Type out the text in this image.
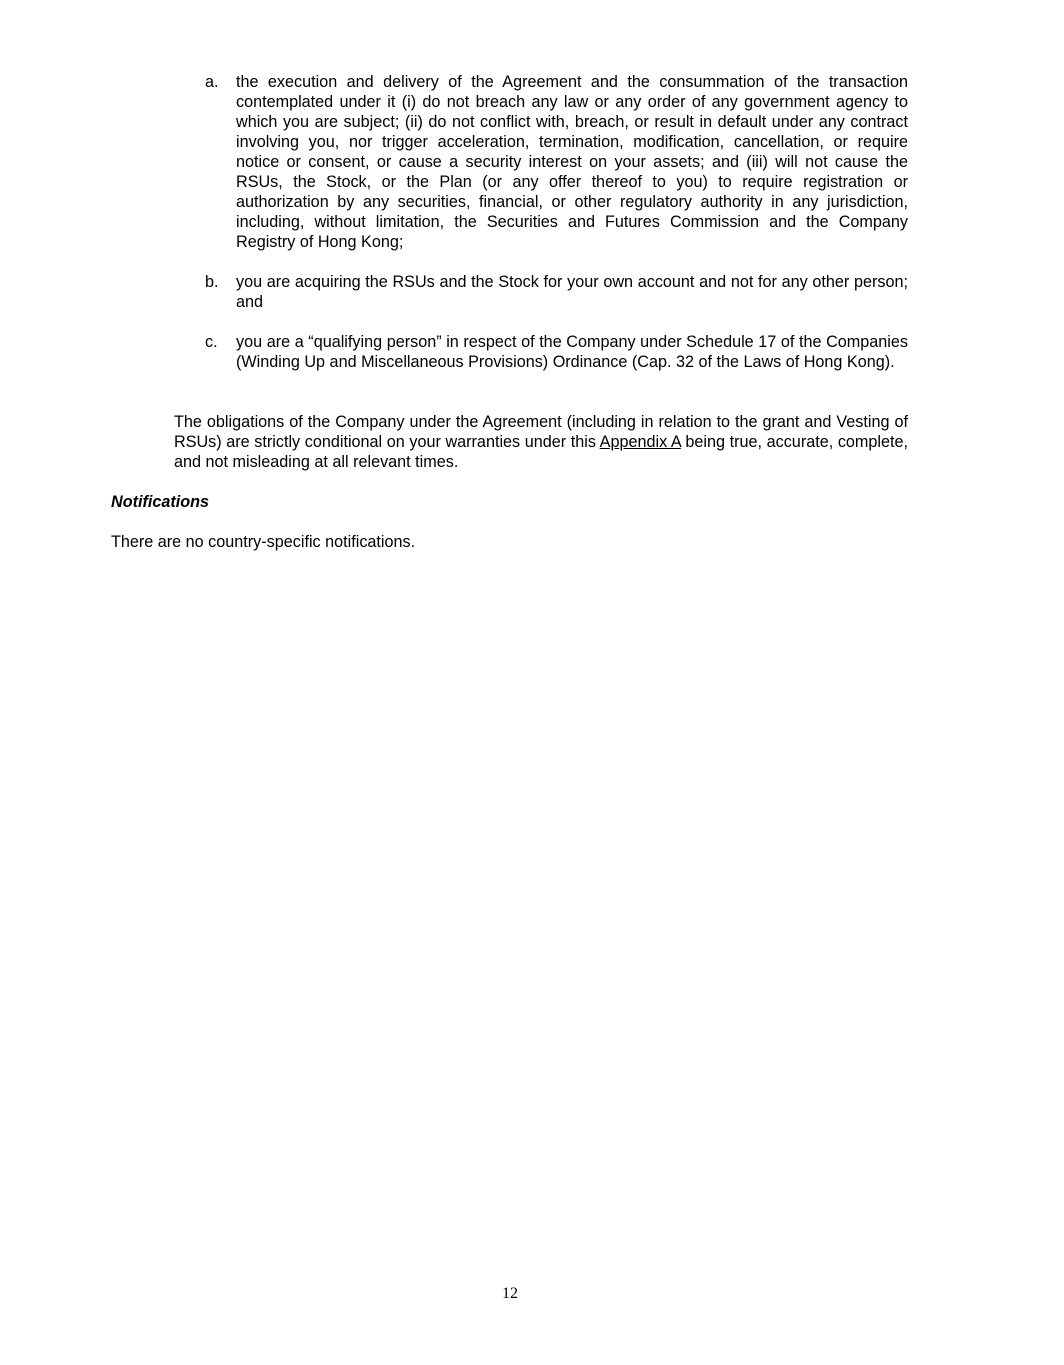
a.	the execution and delivery of the Agreement and the consummation of the transaction contemplated under it (i) do not breach any law or any order of any government agency to which you are subject; (ii) do not conflict with, breach, or result in default under any contract involving you, nor trigger acceleration, termination, modification, cancellation, or require notice or consent, or cause a security interest on your assets; and (iii) will not cause the RSUs, the Stock, or the Plan (or any offer thereof to you) to require registration or authorization by any securities, financial, or other regulatory authority in any jurisdiction, including, without limitation, the Securities and Futures Commission and the Company Registry of Hong Kong;
b.	you are acquiring the RSUs and the Stock for your own account and not for any other person; and
c.	you are a “qualifying person” in respect of the Company under Schedule 17 of the Companies (Winding Up and Miscellaneous Provisions) Ordinance (Cap. 32 of the Laws of Hong Kong).

The obligations of the Company under the Agreement (including in relation to the grant and Vesting of RSUs) are strictly conditional on your warranties under this Appendix A being true, accurate, complete, and not misleading at all relevant times.

Notifications

There are no country-specific notifications.

12
